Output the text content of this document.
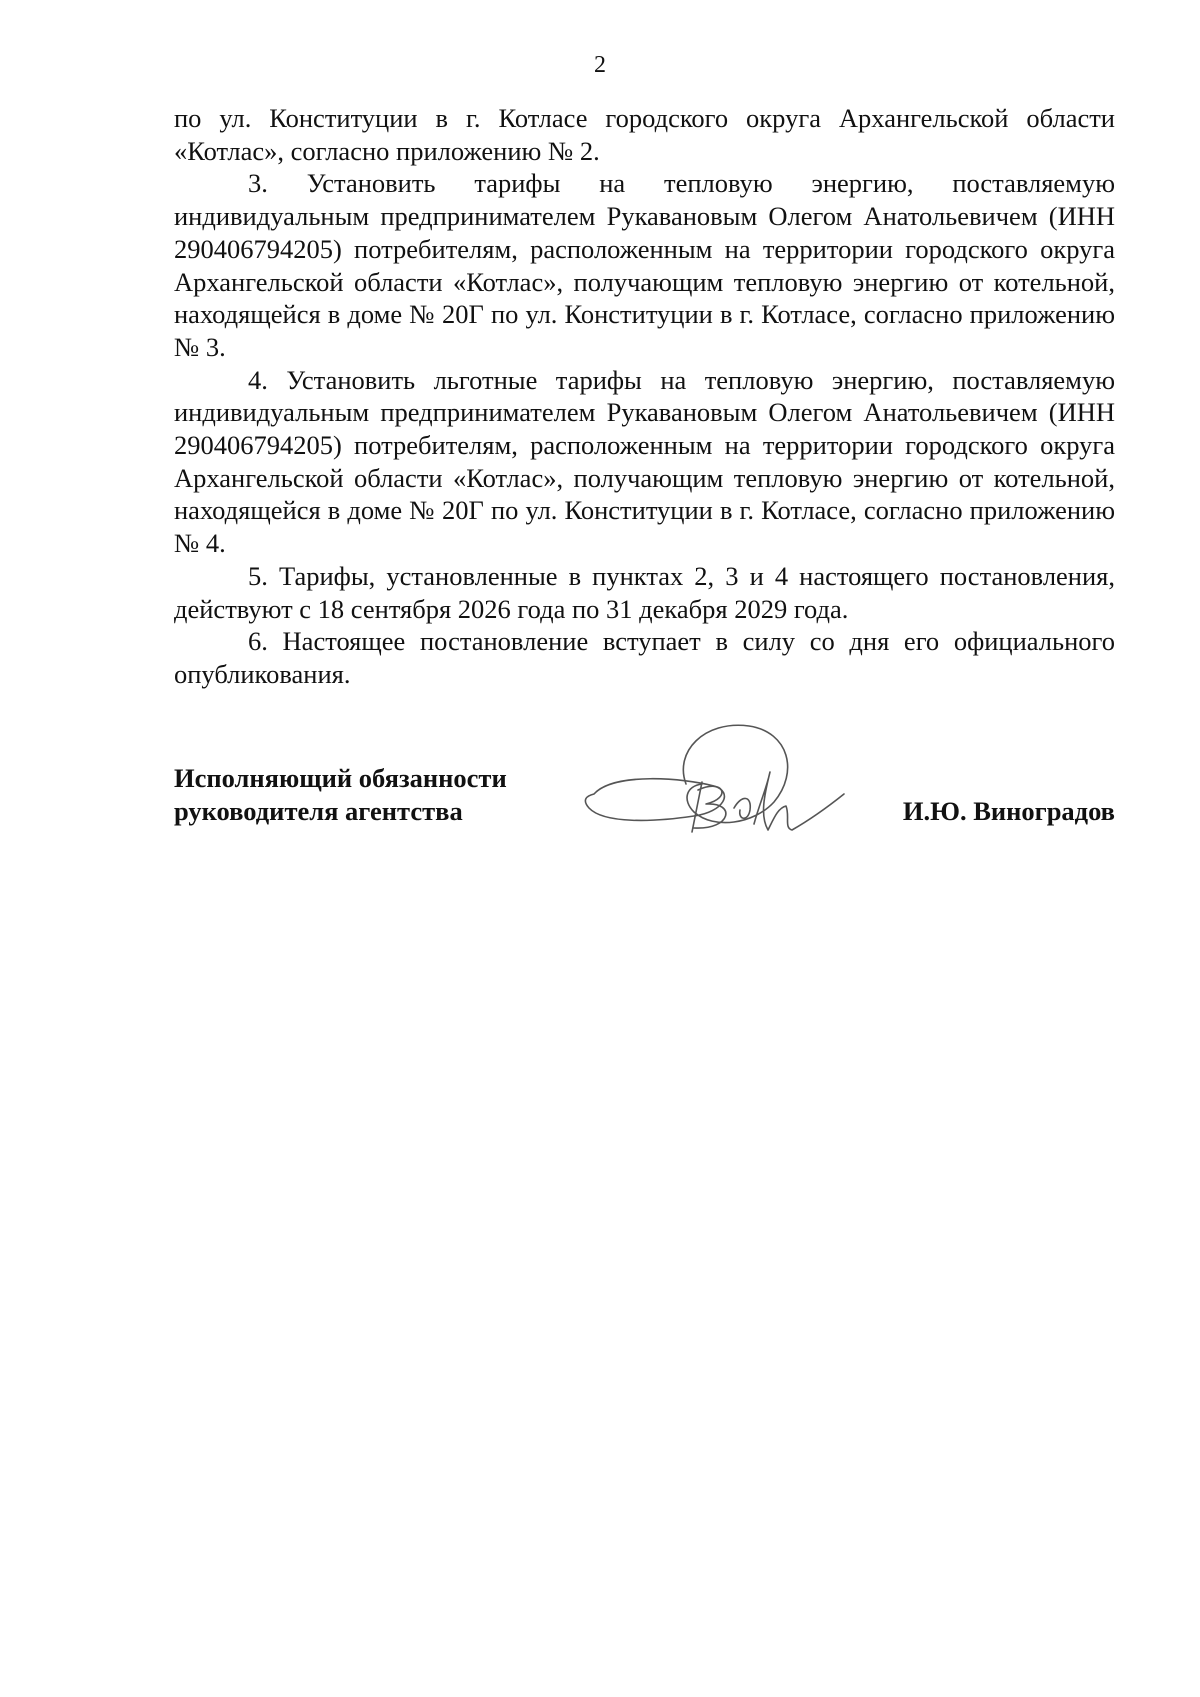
2

по ул. Конституции в г. Котласе городского округа Архангельской области «Котлас», согласно приложению № 2.

3. Установить тарифы на тепловую энергию, поставляемую индивидуальным предпринимателем Рукавановым Олегом Анатольевичем (ИНН 290406794205) потребителям, расположенным на территории городского округа Архангельской области «Котлас», получающим тепловую энергию от котельной, находящейся в доме № 20Г по ул. Конституции в г. Котласе, согласно приложению № 3.

4. Установить льготные тарифы на тепловую энергию, поставляемую индивидуальным предпринимателем Рукавановым Олегом Анатольевичем (ИНН 290406794205) потребителям, расположенным на территории городского округа Архангельской области «Котлас», получающим тепловую энергию от котельной, находящейся в доме № 20Г по ул. Конституции в г. Котласе, согласно приложению № 4.

5. Тарифы, установленные в пунктах 2, 3 и 4 настоящего постановления, действуют с 18 сентября 2026 года по 31 декабря 2029 года.

6. Настоящее постановление вступает в силу со дня его официального опубликования.

Исполняющий обязанности
руководителя агентства	И.Ю. Виноградов
